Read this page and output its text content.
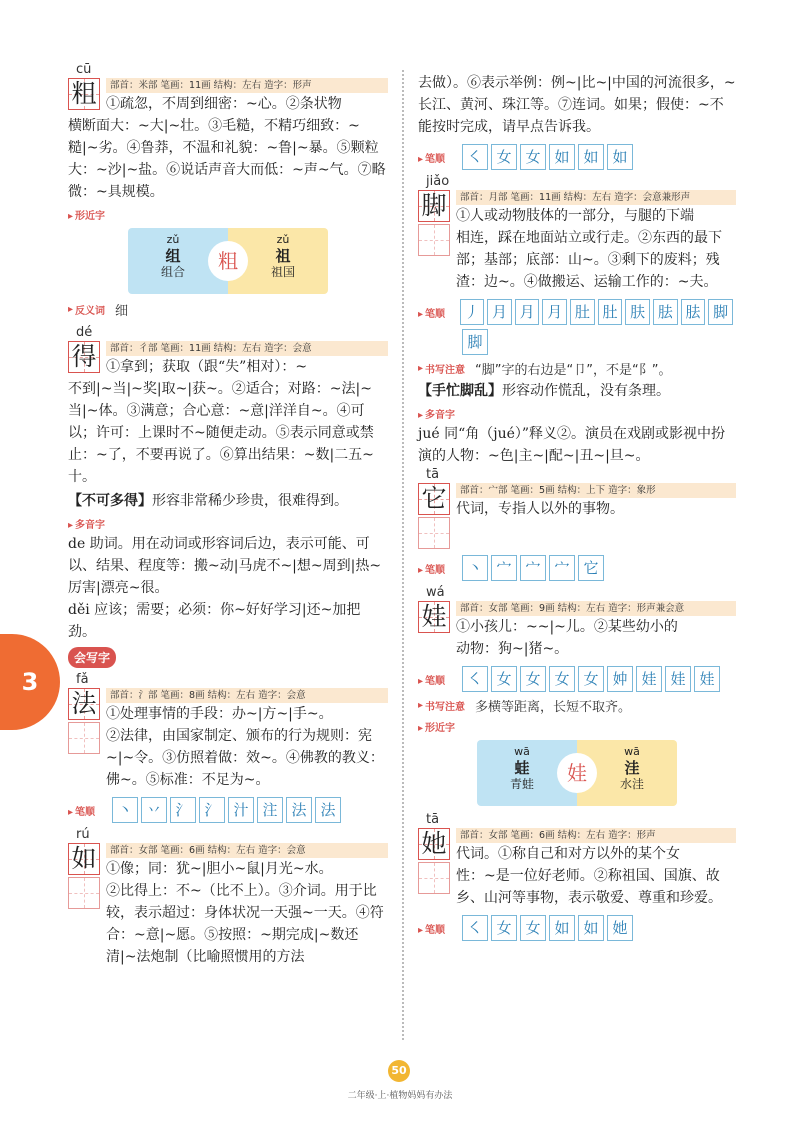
cū
粗	部首：米部 笔画：11画 结构：左右 造字：形声

①疏忽，不周到细密：~心。②条状物

横断面大：~大|~壮。③毛糙，不精巧细致：~糙|~劣。④鲁莽，不温和礼貌：~鲁|~暴。⑤颗粒大：~沙|~盐。⑥说话声音大而低：~声~气。⑦略微：~具规模。

▸ 形近字
zǔ
组
组合	粗
zǔ
祖
祖国
▸ 反义词 细
dé
得	部首：彳部 笔画：11画 结构：左右 造字：会意

①拿到；获取（跟“失”相对）：~

不到|~当|~奖|取~|获~。②适合；对路：~法|~当|~体。③满意；合心意：~意|洋洋自~。④可以；许可：上课时不~随便走动。⑤表示同意或禁止：~了，不要再说了。⑥算出结果：~数|二五~十。

【不可多得】形容非常稀少珍贵，很难得到。

▸ 多音字

de 助词。用在动词或形容词后边，表示可能、可以、结果、程度等：搬~动|马虎不~|想~周到|热~厉害|漂亮~很。

děi 应该；需要；必须：你~好好学习|还~加把劲。

会写字
fǎ
法	部首：氵部 笔画：8画 结构：左右 造字：会意

①处理事情的手段：办~|方~|手~。

②法律，由国家制定、颁布的行为规则：宪~|~令。③仿照着做：效~。④佛教的教义：佛~。⑤标准：不足为~。

▸ 笔顺	丶 丷 氵 氵 汁 注 法 法
rú
如	部首：女部 笔画：6画 结构：左右 造字：会意

①像；同：犹~|胆小~鼠|月光~水。

②比得上：不~（比不上）。③介词。用于比较，表示超过：身体状况一天强~一天。④符合：~意|~愿。⑤按照：~期完成|~数还清|~法炮制（比喻照惯用的方法

去做）。⑥表示举例：例~|比~|中国的河流很多，~长江、黄河、珠江等。⑦连词。如果；假使：~不能按时完成，请早点告诉我。

▸ 笔顺	㇛ 女 女 如 如 如
jiǎo
脚	部首：月部 笔画：11画 结构：左右 造字：会意兼形声

①人或动物肢体的一部分，与腿的下端

相连，踩在地面站立或行走。②东西的最下部；基部；底部：山~。③剩下的废料；残渣：边~。④做搬运、运输工作的：~夫。

▸ 笔顺	丿 月 月 月 肚 肚 肤 胠 胠 脚
脚
▸ 书写注意 “脚”字的右边是“卩”，不是“阝”。

【手忙脚乱】形容动作慌乱，没有条理。

▸ 多音字

jué 同“角（jué）”释义②。演员在戏剧或影视中扮演的人物：~色|主~|配~|丑~|旦~。

tā
它	部首：宀部 笔画：5画 结构：上下 造字：象形

代词，专指人以外的事物。

▸ 笔顺	丶 宀 宀 宀 它
wá
娃	部首：女部 笔画：9画 结构：左右 造字：形声兼会意

①小孩儿：~~|~儿。②某些幼小的

动物：狗~|猪~。

▸ 笔顺	㇛ 女 女 女 女 妕 娃 娃 娃
▸ 书写注意 多横等距离，长短不取齐。
▸ 形近字
wā
蛙
青蛙	娃
wā
洼
水洼
tā
她	部首：女部 笔画：6画 结构：左右 造字：形声

代词。①称自己和对方以外的某个女

性：~是一位好老师。②称祖国、国旗、故乡、山河等事物，表示敬爱、尊重和珍爱。

▸ 笔顺	㇛ 女 女 如 如 她
3
50
二年级·上·植物妈妈有办法
